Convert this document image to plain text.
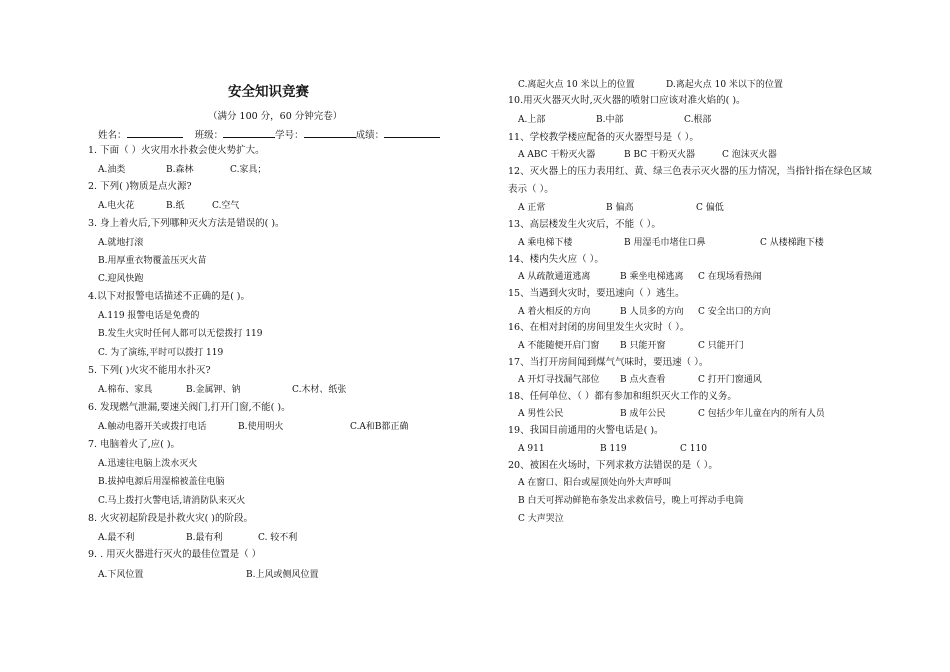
安全知识竞赛
（满分 100 分，60 分钟完卷）
姓名：	班级：	学号：	成绩：
1. 下面（ ）火灾用水扑救会使火势扩大。
A.油类	B.森林	C.家具；
2. 下列( )物质是点火源?
A.电火花	B.纸	C.空气
3. 身上着火后,下列哪种灭火方法是错误的( )。
A.就地打滚
B.用厚重衣物覆盖压灭火苗
C.迎风快跑
4.以下对报警电话描述不正确的是( )。
A.119 报警电话是免费的
B.发生火灾时任何人都可以无偿拨打 119
C. 为了演练,平时可以拨打 119
5. 下列( )火灾不能用水扑灭?
A.棉布、家具	B.金属钾、钠	C.木材、纸张
6. 发现燃气泄漏,要速关阀门,打开门窗,不能( )。
A.触动电器开关或拨打电话	B.使用明火	C.A和B都正确
7. 电脑着火了,应( )。
A.迅速往电脑上泼水灭火
B.拔掉电源后用湿棉被盖住电脑
C.马上拨打火警电话,请消防队来灭火
8. 火灾初起阶段是扑救火灾( )的阶段。
A.最不利	B.最有利	C. 较不利
9. . 用灭火器进行灭火的最佳位置是（ ）
A.下风位置	B.上风或侧风位置
C.离起火点 10 米以上的位置	D.离起火点 10 米以下的位置
10.用灭火器灭火时,灭火器的喷射口应该对准火焰的( )。
A.上部	B.中部	C.根部
11、学校教学楼应配备的灭火器型号是（ ）。
A ABC 干粉灭火器	B BC 干粉灭火器	C 泡沫灭火器
12、灭火器上的压力表用红、黄、绿三色表示灭火器的压力情况，当指针指在绿色区域
表示（ ）。
A 正常	B 偏高	C 偏低
13、高层楼发生火灾后，不能（ ）。
A 乘电梯下楼	B 用湿毛巾堵住口鼻	C 从楼梯跑下楼
14、楼内失火应（ ）。
A 从疏散通道逃离	B 乘坐电梯逃离 C 在现场看热闹
15、当遇到火灾时，要迅速向（ ）逃生。
A 着火相反的方向	B 人员多的方向 C 安全出口的方向
16、在相对封闭的房间里发生火灾时（ ）。
A 不能随便开启门窗 B 只能开窗	C 只能开门
17、当打开房间闻到煤气气味时，要迅速（ ）。
A 开灯寻找漏气部位 B 点火查看	C 打开门窗通风
18、任何单位、（ ）都有参加和组织灭火工作的义务。
A 男性公民	B 成年公民	C 包括少年儿童在内的所有人员
19、我国目前通用的火警电话是( )。
A 911	B 119	C 110
20、被困在火场时，下列求救方法错误的是（ ）。
A 在窗口、阳台或屋顶处向外大声呼叫
B 白天可挥动鲜艳布条发出求救信号，晚上可挥动手电筒
C 大声哭泣
